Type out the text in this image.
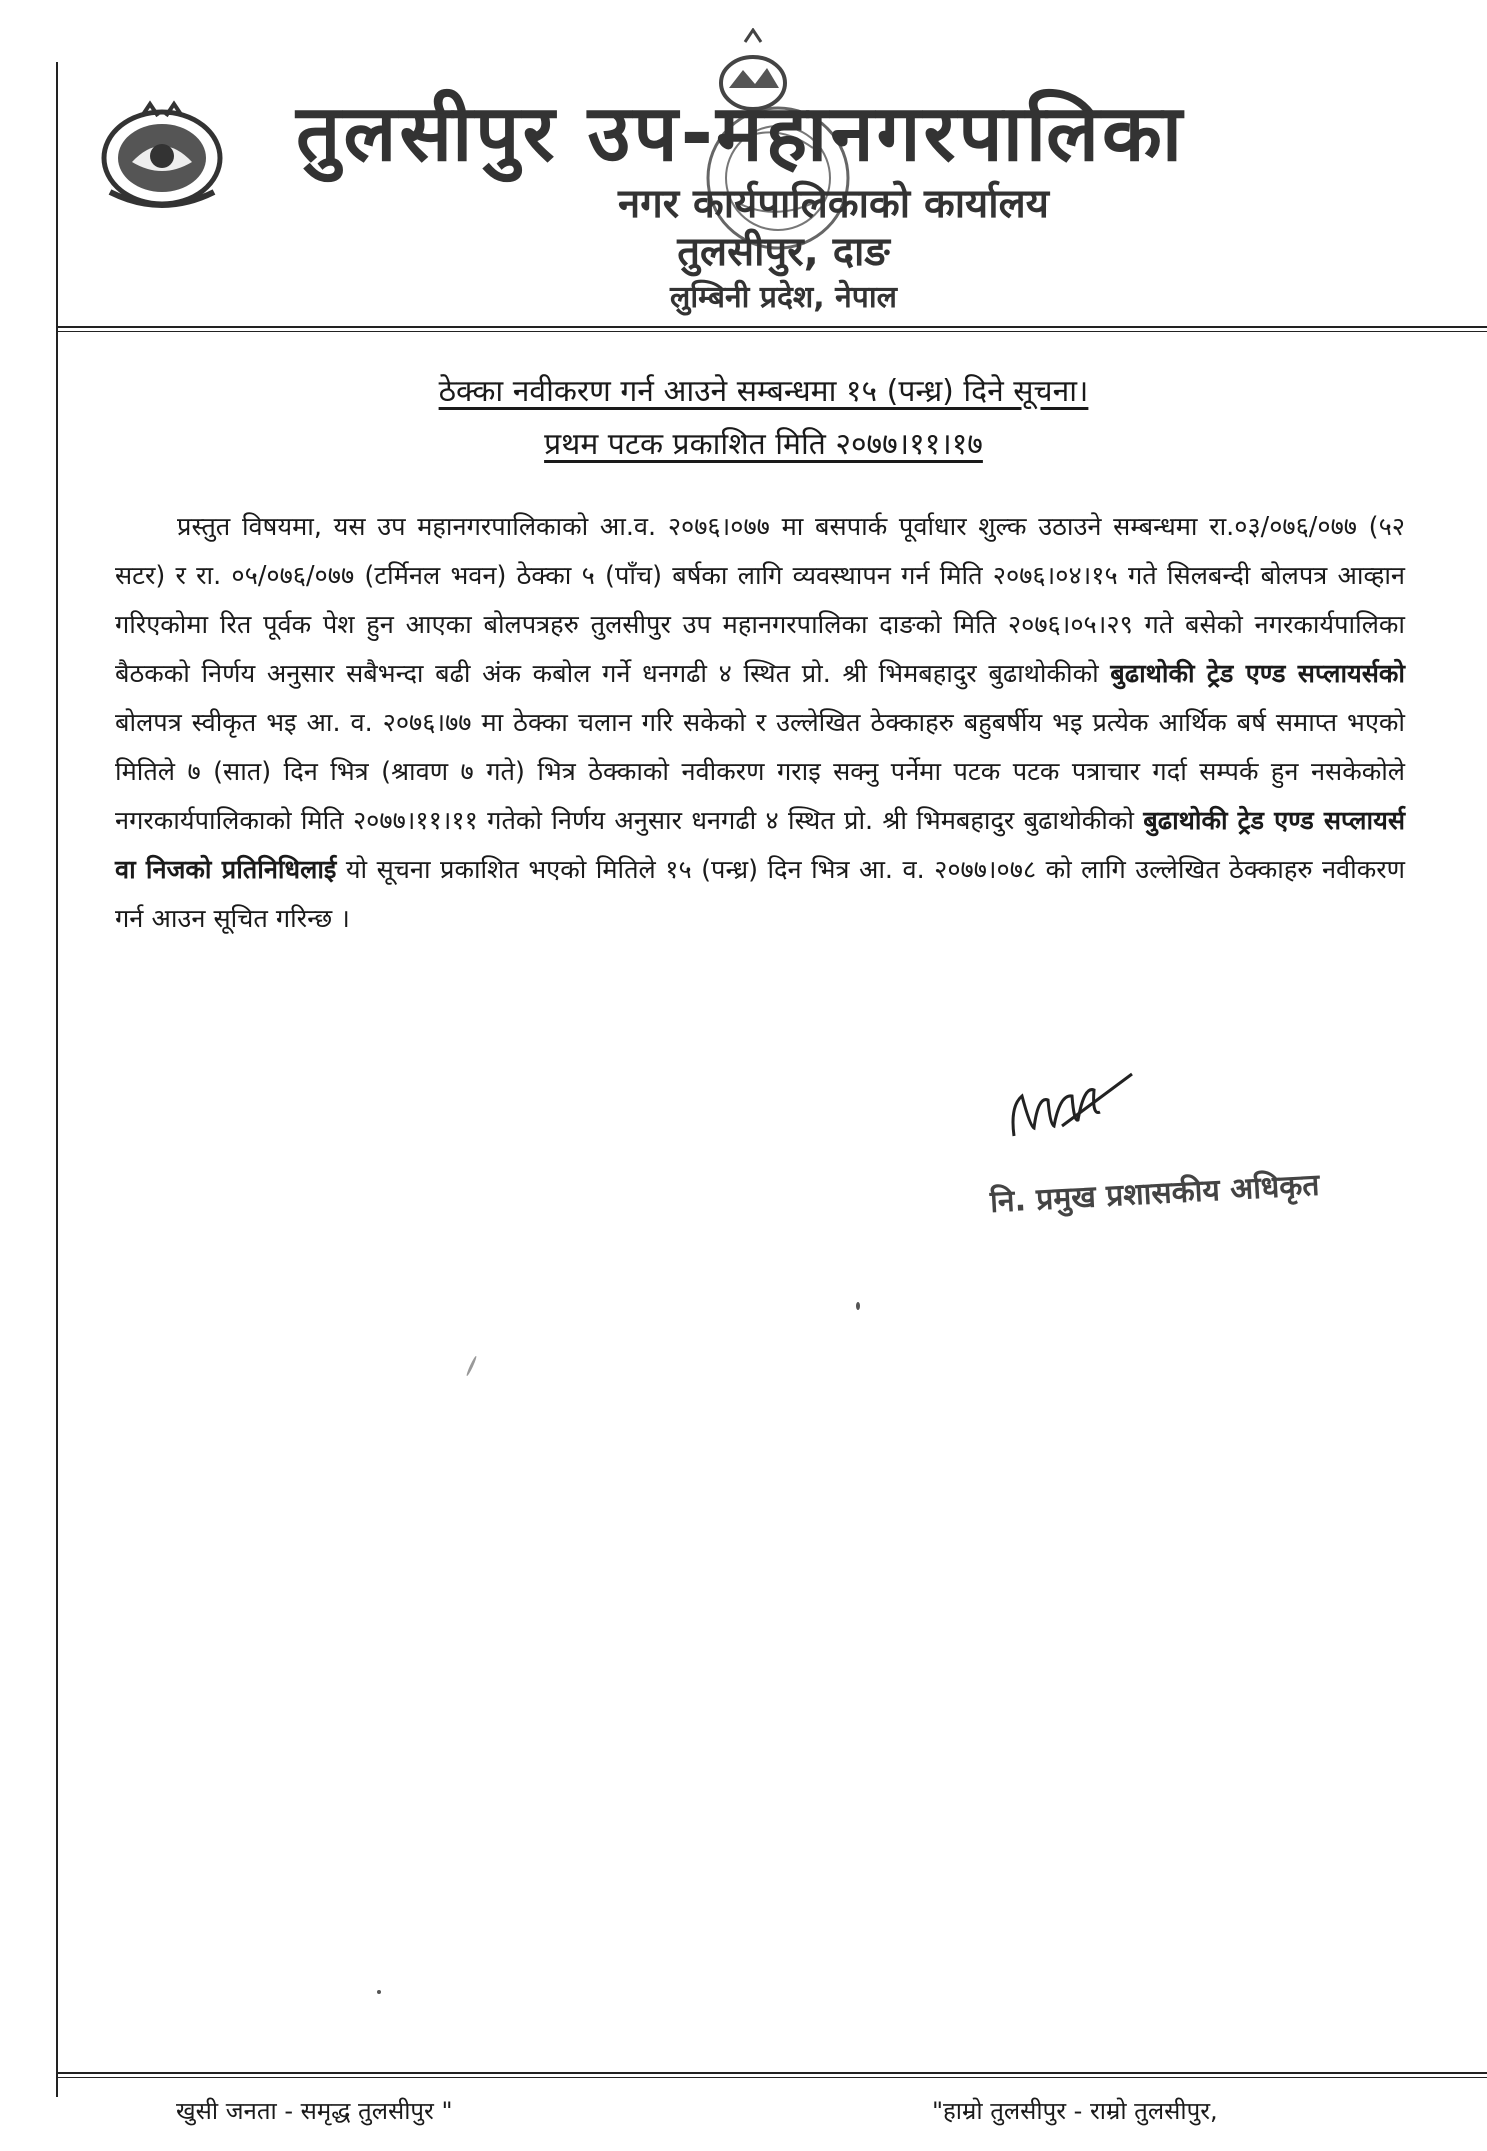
तुलसीपुर उप-महानगरपालिका
नगर कार्यपालिकाको कार्यालय
तुलसीपुर, दाङ
लुम्बिनी प्रदेश, नेपाल
ठेक्का नवीकरण गर्न आउने सम्बन्धमा १५ (पन्ध्र) दिने सूचना।
प्रथम पटक प्रकाशित मिति २०७७।११।१७
प्रस्तुत विषयमा, यस उप महानगरपालिकाको आ.व. २०७६।०७७ मा बसपार्क पूर्वाधार शुल्क उठाउने सम्बन्धमा रा.०३/०७६/०७७ (५२ सटर) र रा. ०५/०७६/०७७ (टर्मिनल भवन) ठेक्का ५ (पाँच) बर्षका लागि व्यवस्थापन गर्न मिति २०७६।०४।१५ गते सिलबन्दी बोलपत्र आव्हान गरिएकोमा रित पूर्वक पेश हुन आएका बोलपत्रहरु तुलसीपुर उप महानगरपालिका दाङको मिति २०७६।०५।२९ गते बसेको नगरकार्यपालिका बैठकको निर्णय अनुसार सबैभन्दा बढी अंक कबोल गर्ने धनगढी ४ स्थित प्रो. श्री भिमबहादुर बुढाथोकीको बुढाथोकी ट्रेड एण्ड सप्लायर्सको बोलपत्र स्वीकृत भइ आ. व. २०७६।७७ मा ठेक्का चलान गरि सकेको र उल्लेखित ठेक्काहरु बहुबर्षीय भइ प्रत्येक आर्थिक बर्ष समाप्त भएको मितिले ७ (सात) दिन भित्र (श्रावण ७ गते) भित्र ठेक्काको नवीकरण गराइ सक्नु पर्नेमा पटक पटक पत्राचार गर्दा सम्पर्क हुन नसकेकोले नगरकार्यपालिकाको मिति २०७७।११।११ गतेको निर्णय अनुसार धनगढी ४ स्थित प्रो. श्री भिमबहादुर बुढाथोकीको बुढाथोकी ट्रेड एण्ड सप्लायर्स वा निजको प्रतिनिधिलाई यो सूचना प्रकाशित भएको मितिले १५ (पन्ध्र) दिन भित्र आ. व. २०७७।०७८ को लागि उल्लेखित ठेक्काहरु नवीकरण गर्न आउन सूचित गरिन्छ ।
नि. प्रमुख प्रशासकीय अधिकृत
खुसी जनता - समृद्ध तुलसीपुर "	"हाम्रो तुलसीपुर - राम्रो तुलसीपुर,
